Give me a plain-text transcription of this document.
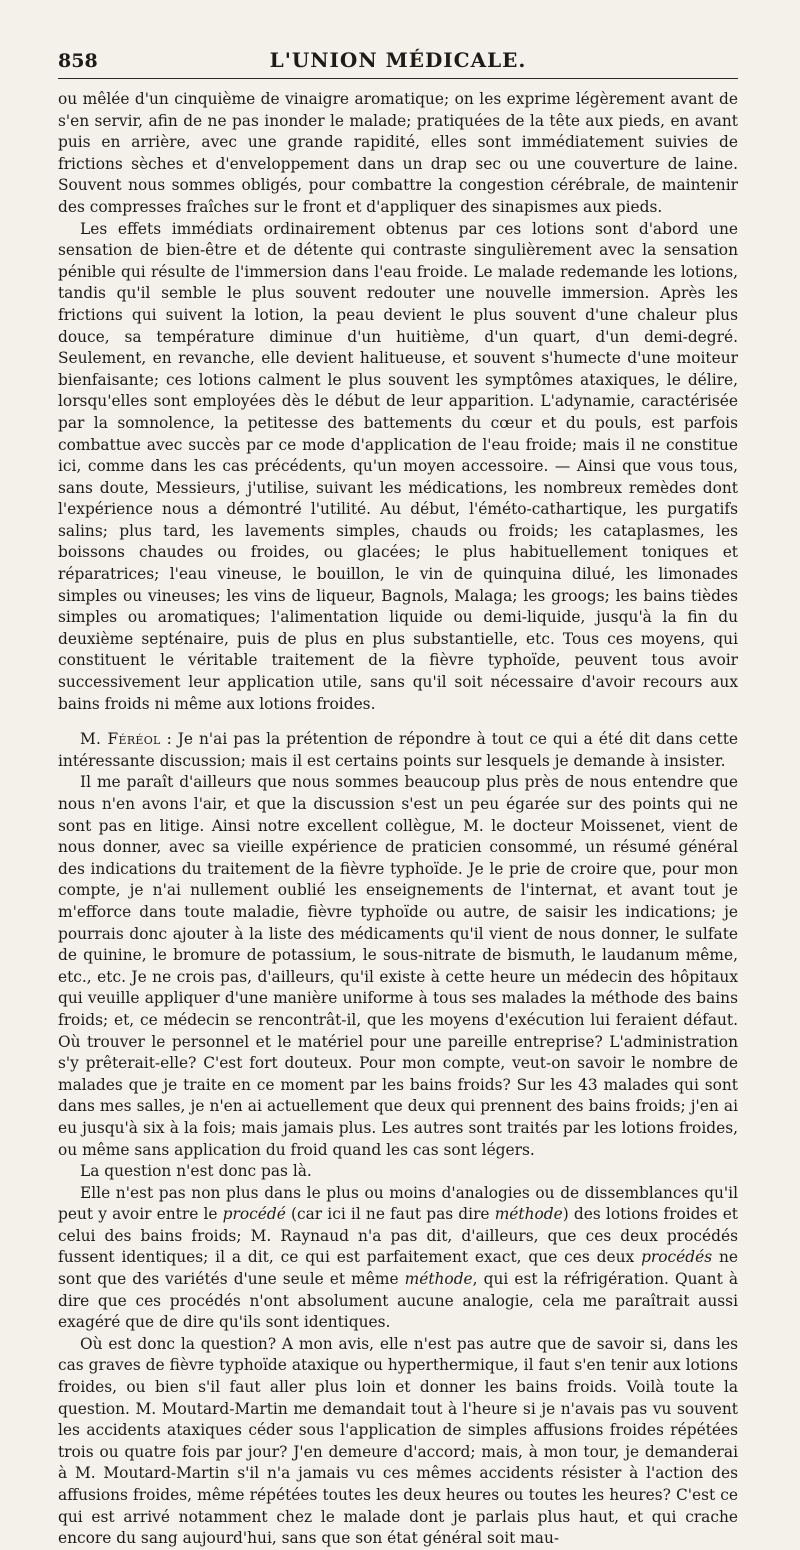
858	L'UNION MÉDICALE.

ou mêlée d'un cinquième de vinaigre aromatique; on les exprime légèrement avant de s'en servir, afin de ne pas inonder le malade; pratiquées de la tête aux pieds, en avant puis en arrière, avec une grande rapidité, elles sont immédiatement suivies de frictions sèches et d'enveloppement dans un drap sec ou une couverture de laine. Souvent nous sommes obligés, pour combattre la congestion cérébrale, de maintenir des compresses fraîches sur le front et d'appliquer des sinapismes aux pieds.

Les effets immédiats ordinairement obtenus par ces lotions sont d'abord une sensation de bien-être et de détente qui contraste singulièrement avec la sensation pénible qui résulte de l'immersion dans l'eau froide. Le malade redemande les lotions, tandis qu'il semble le plus souvent redouter une nouvelle immersion. Après les frictions qui suivent la lotion, la peau devient le plus souvent d'une chaleur plus douce, sa température diminue d'un huitième, d'un quart, d'un demi-degré. Seulement, en revanche, elle devient halitueuse, et souvent s'humecte d'une moiteur bienfaisante; ces lotions calment le plus souvent les symptômes ataxiques, le délire, lorsqu'elles sont employées dès le début de leur apparition. L'adynamie, caractérisée par la somnolence, la petitesse des battements du cœur et du pouls, est parfois combattue avec succès par ce mode d'application de l'eau froide; mais il ne constitue ici, comme dans les cas précédents, qu'un moyen accessoire. — Ainsi que vous tous, sans doute, Messieurs, j'utilise, suivant les médications, les nombreux remèdes dont l'expérience nous a démontré l'utilité. Au début, l'éméto-cathartique, les purgatifs salins; plus tard, les lavements simples, chauds ou froids; les cataplasmes, les boissons chaudes ou froides, ou glacées; le plus habituellement toniques et réparatrices; l'eau vineuse, le bouillon, le vin de quinquina dilué, les limonades simples ou vineuses; les vins de liqueur, Bagnols, Malaga; les groogs; les bains tièdes simples ou aromatiques; l'alimentation liquide ou demi-liquide, jusqu'à la fin du deuxième septénaire, puis de plus en plus substantielle, etc. Tous ces moyens, qui constituent le véritable traitement de la fièvre typhoïde, peuvent tous avoir successivement leur application utile, sans qu'il soit nécessaire d'avoir recours aux bains froids ni même aux lotions froides.

M. Féréol : Je n'ai pas la prétention de répondre à tout ce qui a été dit dans cette intéressante discussion; mais il est certains points sur lesquels je demande à insister.

Il me paraît d'ailleurs que nous sommes beaucoup plus près de nous entendre que nous n'en avons l'air, et que la discussion s'est un peu égarée sur des points qui ne sont pas en litige. Ainsi notre excellent collègue, M. le docteur Moissenet, vient de nous donner, avec sa vieille expérience de praticien consommé, un résumé général des indications du traitement de la fièvre typhoïde. Je le prie de croire que, pour mon compte, je n'ai nullement oublié les enseignements de l'internat, et avant tout je m'efforce dans toute maladie, fièvre typhoïde ou autre, de saisir les indications; je pourrais donc ajouter à la liste des médicaments qu'il vient de nous donner, le sulfate de quinine, le bromure de potassium, le sous-nitrate de bismuth, le laudanum même, etc., etc. Je ne crois pas, d'ailleurs, qu'il existe à cette heure un médecin des hôpitaux qui veuille appliquer d'une manière uniforme à tous ses malades la méthode des bains froids; et, ce médecin se rencontrât-il, que les moyens d'exécution lui feraient défaut. Où trouver le personnel et le matériel pour une pareille entreprise? L'administration s'y prêterait-elle? C'est fort douteux. Pour mon compte, veut-on savoir le nombre de malades que je traite en ce moment par les bains froids? Sur les 43 malades qui sont dans mes salles, je n'en ai actuellement que deux qui prennent des bains froids; j'en ai eu jusqu'à six à la fois; mais jamais plus. Les autres sont traités par les lotions froides, ou même sans application du froid quand les cas sont légers.

La question n'est donc pas là.

Elle n'est pas non plus dans le plus ou moins d'analogies ou de dissemblances qu'il peut y avoir entre le procédé (car ici il ne faut pas dire méthode) des lotions froides et celui des bains froids; M. Raynaud n'a pas dit, d'ailleurs, que ces deux procédés fussent identiques; il a dit, ce qui est parfaitement exact, que ces deux procédés ne sont que des variétés d'une seule et même méthode, qui est la réfrigération. Quant à dire que ces procédés n'ont absolument aucune analogie, cela me paraîtrait aussi exagéré que de dire qu'ils sont identiques.

Où est donc la question? A mon avis, elle n'est pas autre que de savoir si, dans les cas graves de fièvre typhoïde ataxique ou hyperthermique, il faut s'en tenir aux lotions froides, ou bien s'il faut aller plus loin et donner les bains froids. Voilà toute la question. M. Moutard-Martin me demandait tout à l'heure si je n'avais pas vu souvent les accidents ataxiques céder sous l'application de simples affusions froides répétées trois ou quatre fois par jour? J'en demeure d'accord; mais, à mon tour, je demanderai à M. Moutard-Martin s'il n'a jamais vu ces mêmes accidents résister à l'action des affusions froides, même répétées toutes les deux heures ou toutes les heures? C'est ce qui est arrivé notamment chez le malade dont je parlais plus haut, et qui crache encore du sang aujourd'hui, sans que son état général soit mau-
